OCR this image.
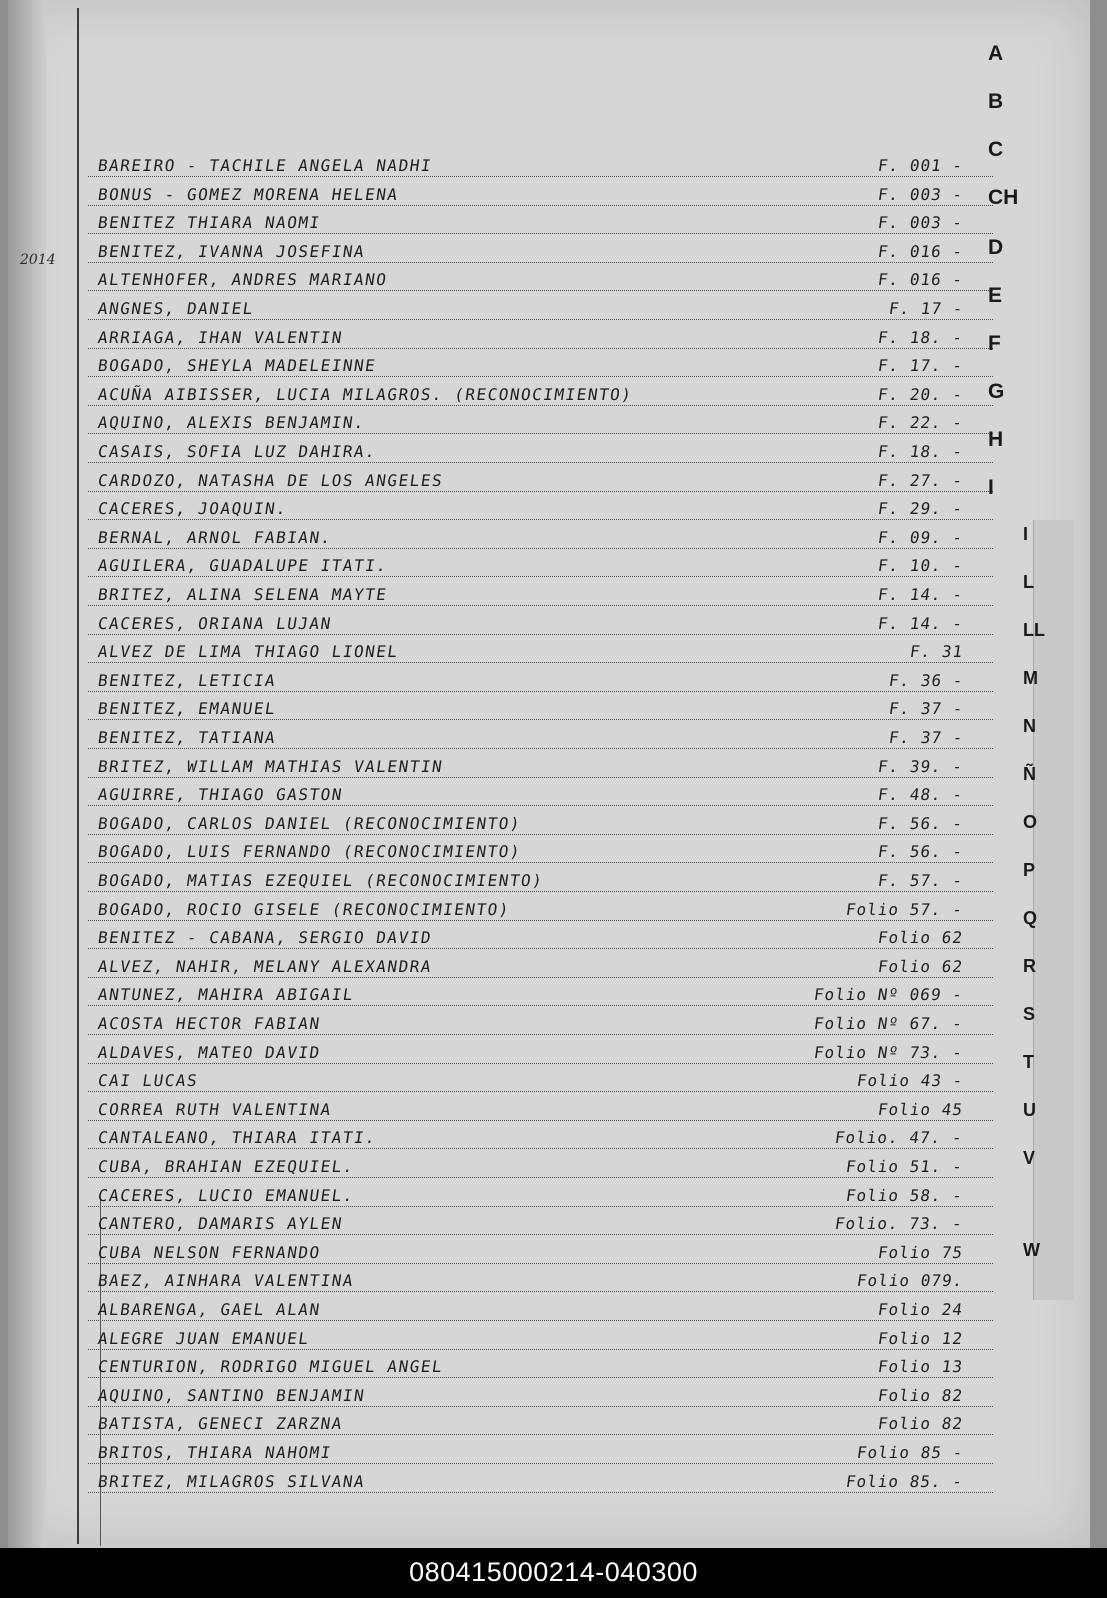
2014
BAREIRO - TACHILE ANGELA NADHI	F. 001 -
BONUS - GOMEZ MORENA HELENA	F. 003 -
BENITEZ THIARA NAOMI	F. 003 -
BENITEZ, IVANNA JOSEFINA	F. 016 -
ALTENHOFER, ANDRES MARIANO	F. 016 -
ANGNES, DANIEL	F. 17 -
ARRIAGA, IHAN VALENTIN	F. 18. -
BOGADO, SHEYLA MADELEINNE	F. 17. -
ACUÑA AIBISSER, LUCIA MILAGROS. (RECONOCIMIENTO)	F. 20. -
AQUINO, ALEXIS BENJAMIN.	F. 22. -
CASAIS, SOFIA LUZ DAHIRA.	F. 18. -
CARDOZO, NATASHA DE LOS ANGELES	F. 27. -
CACERES, JOAQUIN.	F. 29. -
BERNAL, ARNOL FABIAN.	F. 09. -
AGUILERA, GUADALUPE ITATI.	F. 10. -
BRITEZ, ALINA SELENA MAYTE	F. 14. -
CACERES, ORIANA LUJAN	F. 14. -
ALVEZ DE LIMA THIAGO LIONEL	F. 31
BENITEZ, LETICIA	F. 36 -
BENITEZ, EMANUEL	F. 37 -
BENITEZ, TATIANA	F. 37 -
BRITEZ, WILLAM MATHIAS VALENTIN	F. 39. -
AGUIRRE, THIAGO GASTON	F. 48. -
BOGADO, CARLOS DANIEL (RECONOCIMIENTO)	F. 56. -
BOGADO, LUIS FERNANDO (RECONOCIMIENTO)	F. 56. -
BOGADO, MATIAS EZEQUIEL (RECONOCIMIENTO)	F. 57. -
BOGADO, ROCIO GISELE (RECONOCIMIENTO)	Folio 57. -
BENITEZ - CABANA, SERGIO DAVID	Folio 62
ALVEZ, NAHIR, MELANY ALEXANDRA	Folio 62
ANTUNEZ, MAHIRA ABIGAIL	Folio Nº 069 -
ACOSTA HECTOR FABIAN	Folio Nº 67. -
ALDAVES, MATEO DAVID	Folio Nº 73. -
CAI LUCAS	Folio 43 -
CORREA RUTH VALENTINA	Folio 45
CANTALEANO, THIARA ITATI.	Folio. 47. -
CUBA, BRAHIAN EZEQUIEL.	Folio 51. -
CACERES, LUCIO EMANUEL.	Folio 58. -
CANTERO, DAMARIS AYLEN	Folio. 73. -
CUBA NELSON FERNANDO	Folio 75
BAEZ, AINHARA VALENTINA	Folio 079.
ALBARENGA, GAEL ALAN	Folio 24
ALEGRE JUAN EMANUEL	Folio 12
CENTURION, RODRIGO MIGUEL ANGEL	Folio 13
AQUINO, SANTINO BENJAMIN	Folio 82
BATISTA, GENECI ZARZNA	Folio 82
BRITOS, THIARA NAHOMI	Folio 85 -
BRITEZ, MILAGROS SILVANA	Folio 85. -
A
B
C
CH
D
E
F
G
H
I
I
L
LL
M
N
Ñ
O
P
Q
R
S
T
U
V
W
080415000214-040300
